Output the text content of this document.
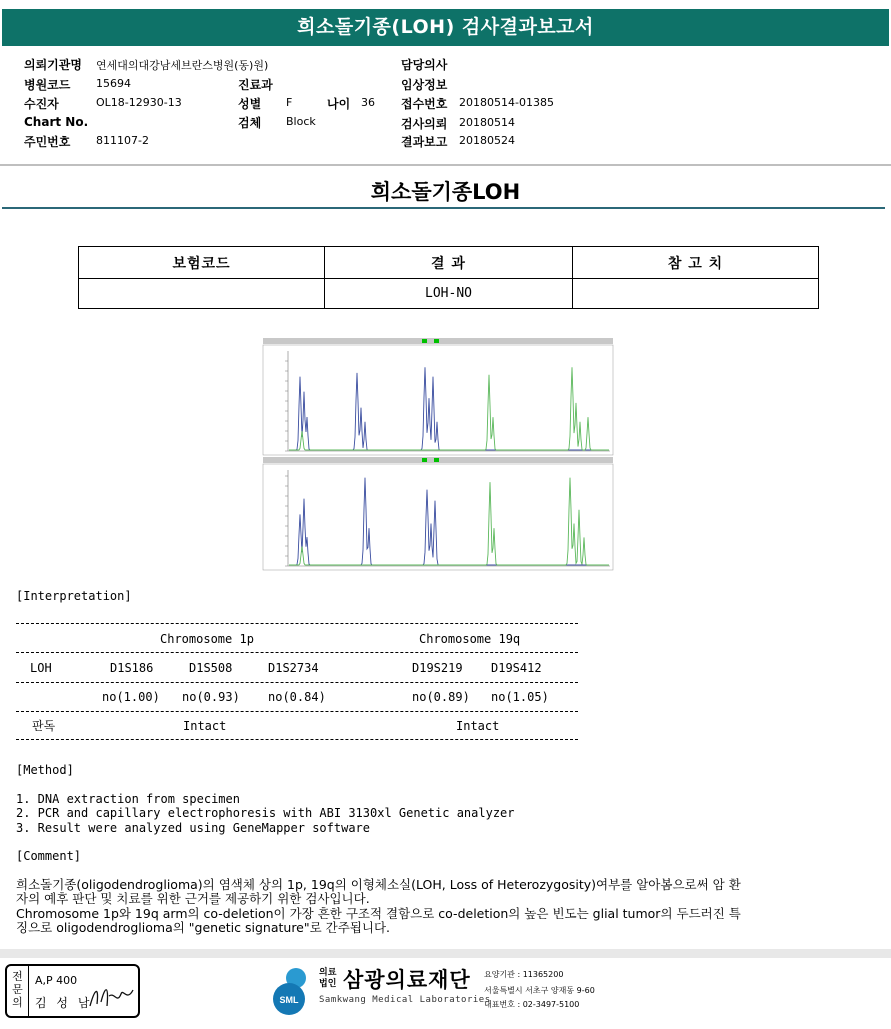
희소돌기종(LOH) 검사결과보고서
의뢰기관명 연세대의대강남세브란스병원(동)원)
병원코드 15694
수진자	OL18-12930-13
Chart No.
주민번호 811107-2
진료과
성별 F	나이 36
검체 Block
담당의사
임상정보
접수번호 20180514-01385
검사의뢰 20180514
결과보고 20180524
희소돌기종LOH
보험코드	결 과	참 고 치
	LOH-NO	
[Interpretation]
Chromosome 1p	Chromosome 19q
LOH	D1S186	D1S508	D1S2734	D19S219 D19S412
no(1.00) no(0.93) no(0.84)	no(0.89) no(1.05)
판독	Intact	Intact
[Method]
1. DNA extraction from specimen
2. PCR and capillary electrophoresis with ABI 3130xl Genetic analyzer
3. Result were analyzed using GeneMapper software
[Comment]
희소돌기종(oligodendroglioma)의 염색체 상의 1p, 19q의 이형체소실(LOH, Loss of Heterozygosity)여부를 알아봄으로써 암 환
자의 예후 판단 및 치료를 위한 근거를 제공하기 위한 검사입니다.
Chromosome 1p와 19q arm의 co-deletion이 가장 흔한 구조적 결함으로 co-deletion의 높은 빈도는 glial tumor의 두드러진 특
징으로 oligodendroglioma의 "genetic signature"로 간주됩니다.
전문의
A,P 400
김 성 남	SML
의료
법인 삼광의료재단
Samkwang Medical Laboratories
요양기관 : 11365200
서울특별시 서초구 양재동 9-60
대표번호 : 02-3497-5100
